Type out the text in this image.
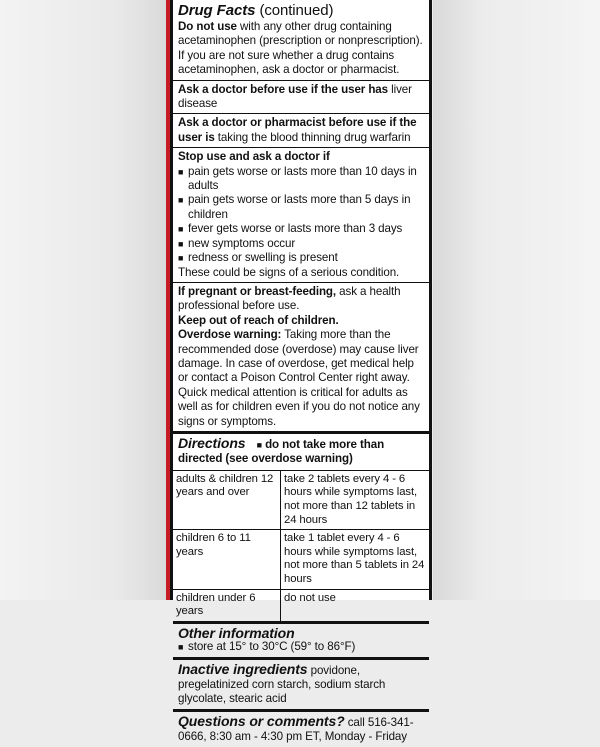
Drug Facts (continued)
Do not use with any other drug containing acetaminophen (prescription or nonprescription). If you are not sure whether a drug contains acetaminophen, ask a doctor or pharmacist.
Ask a doctor before use if the user has liver disease
Ask a doctor or pharmacist before use if the user is taking the blood thinning drug warfarin
Stop use and ask a doctor if
■ pain gets worse or lasts more than 10 days in adults
■ pain gets worse or lasts more than 5 days in children
■ fever gets worse or lasts more than 3 days
■ new symptoms occur
■ redness or swelling is present
These could be signs of a serious condition.
If pregnant or breast-feeding, ask a health professional before use.
Keep out of reach of children.
Overdose warning: Taking more than the recommended dose (overdose) may cause liver damage. In case of overdose, get medical help or contact a Poison Control Center right away. Quick medical attention is critical for adults as well as for children even if you do not notice any signs or symptoms.
Directions ■ do not take more than directed (see overdose warning)
adults & children 12 years and over	take 2 tablets every 4 - 6 hours while symptoms last, not more than 12 tablets in 24 hours
children 6 to 11 years	take 1 tablet every 4 - 6 hours while symptoms last, not more than 5 tablets in 24 hours
children under 6 years	do not use
Other information
■ store at 15° to 30°C (59° to 86°F)
Inactive ingredients povidone, pregelatinized corn starch, sodium starch glycolate, stearic acid
Questions or comments? call 516-341-0666, 8:30 am - 4:30 pm ET, Monday - Friday
